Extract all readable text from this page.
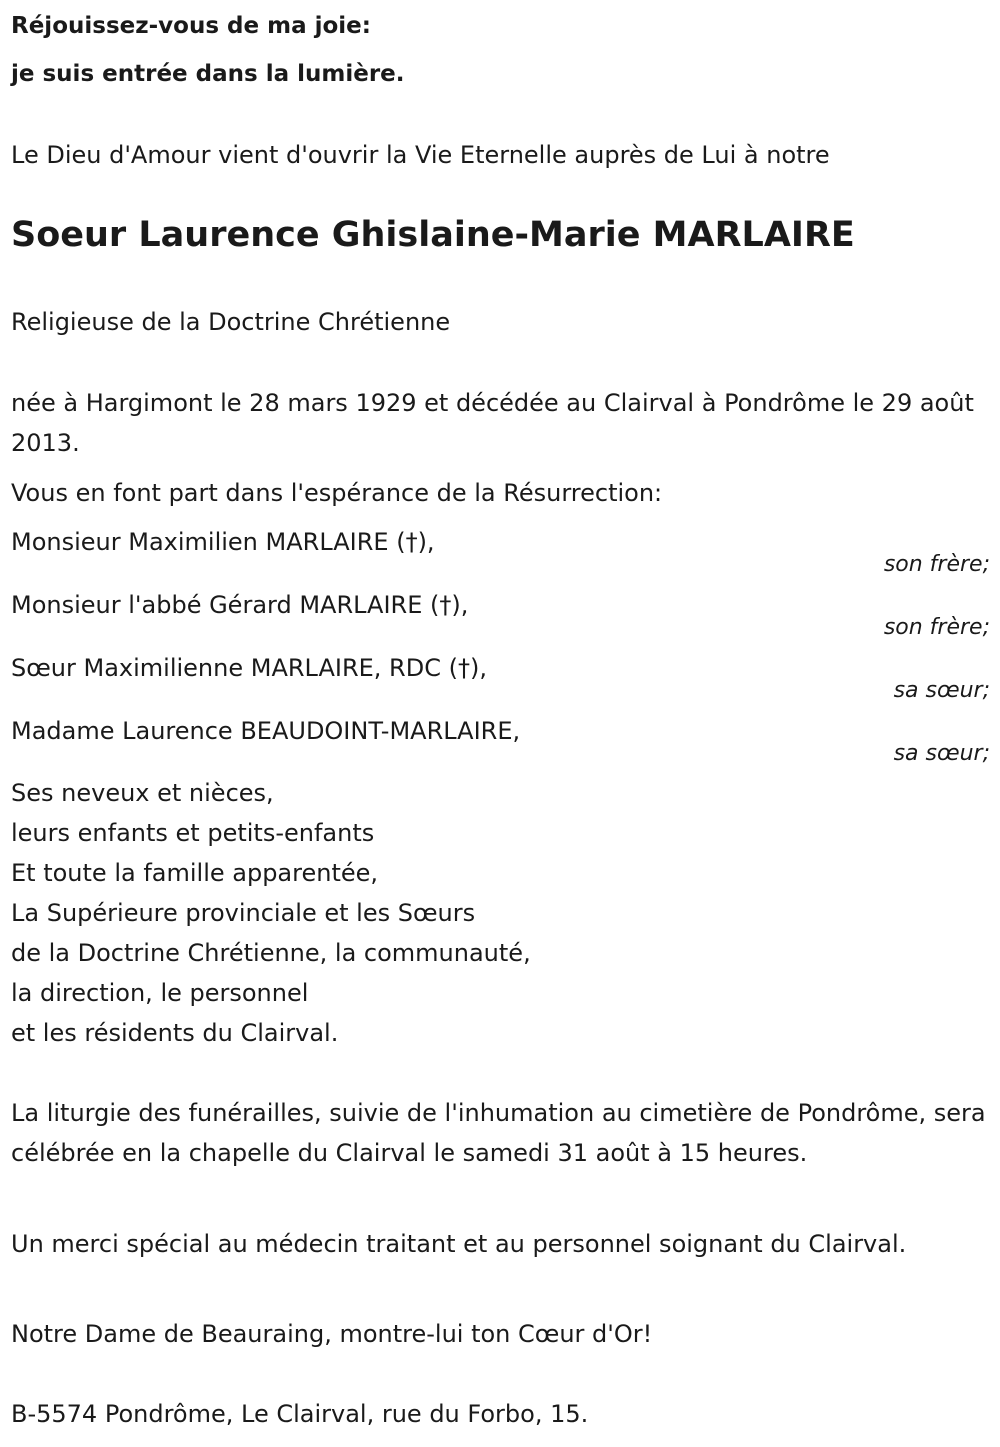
Réjouissez-vous de ma joie:

je suis entrée dans la lumière.

Le Dieu d'Amour vient d'ouvrir la Vie Eternelle auprès de Lui à notre

Soeur Laurence Ghislaine-Marie MARLAIRE

Religieuse de la Doctrine Chrétienne

née à Hargimont le 28 mars 1929 et décédée au Clairval à Pondrôme le 29 août 2013.

Vous en font part dans l'espérance de la Résurrection:

Monsieur Maximilien MARLAIRE (†),
son frère;
Monsieur l'abbé Gérard MARLAIRE (†),
son frère;
Sœur Maximilienne MARLAIRE, RDC (†),
sa sœur;
Madame Laurence BEAUDOINT-MARLAIRE,
sa sœur;
Ses neveux et nièces,
leurs enfants et petits-enfants
Et toute la famille apparentée,
La Supérieure provinciale et les Sœurs
de la Doctrine Chrétienne, la communauté,
la direction, le personnel
et les résidents du Clairval.

La liturgie des funérailles, suivie de l'inhumation au cimetière de Pondrôme, sera célébrée en la chapelle du Clairval le samedi 31 août à 15 heures.

Un merci spécial au médecin traitant et au personnel soignant du Clairval.

Notre Dame de Beauraing, montre-lui ton Cœur d'Or!

B-5574 Pondrôme, Le Clairval, rue du Forbo, 15.
